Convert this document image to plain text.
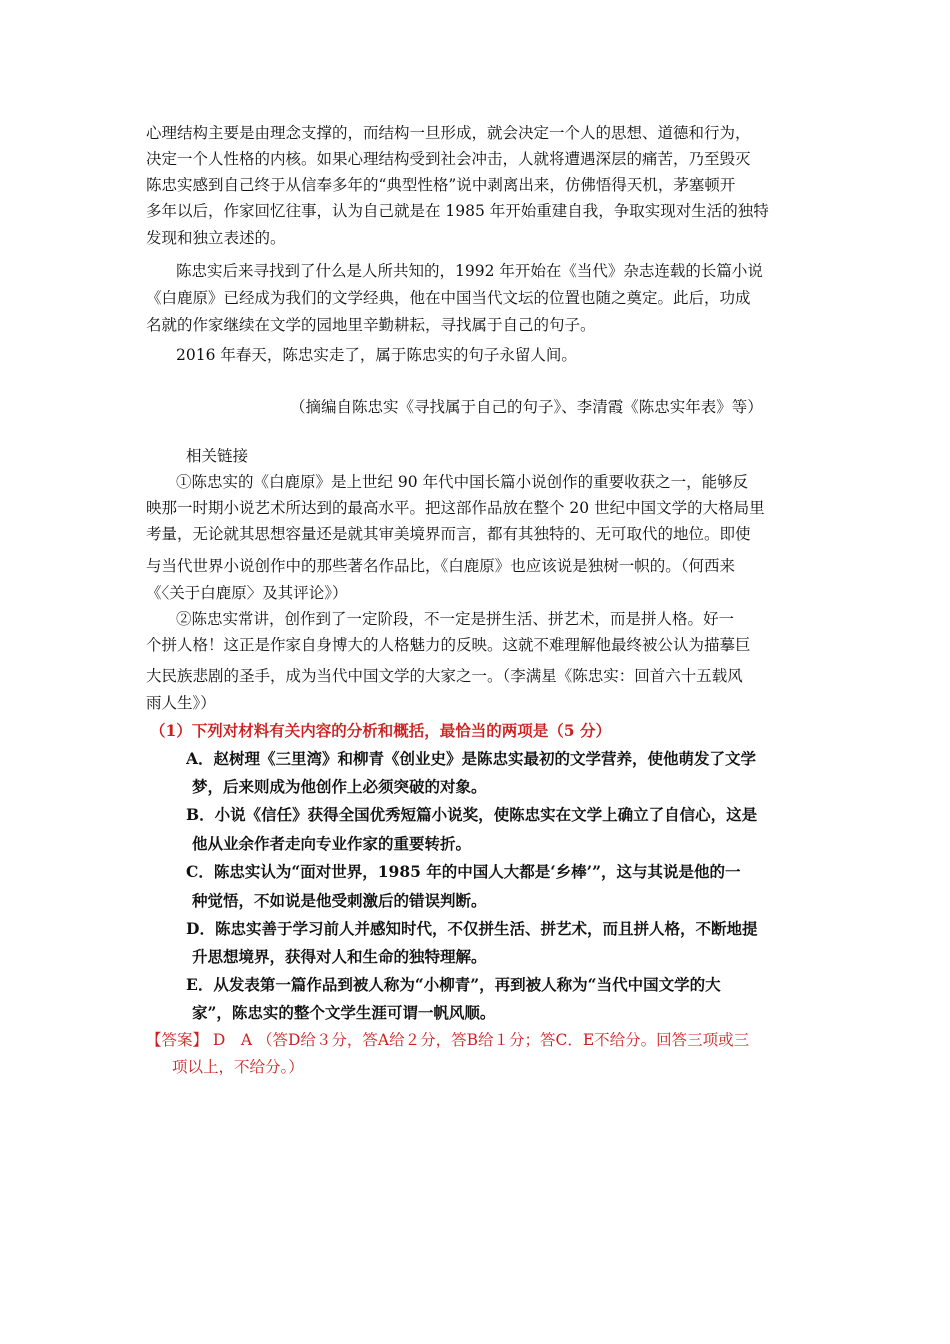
心理结构主要是由理念支撑的，而结构一旦形成，就会决定一个人的思想、道德和行为，
决定一个人性格的内核。如果心理结构受到社会冲击，人就将遭遇深层的痛苦，乃至毁灭
陈忠实感到自己终于从信奉多年的“典型性格”说中剥离出来，仿佛悟得天机，茅塞顿开
多年以后，作家回忆往事，认为自己就是在 1985 年开始重建自我，争取实现对生活的独特
发现和独立表述的。
陈忠实后来寻找到了什么是人所共知的，1992 年开始在《当代》杂志连载的长篇小说
《白鹿原》已经成为我们的文学经典，他在中国当代文坛的位置也随之奠定。此后，功成
名就的作家继续在文学的园地里辛勤耕耘，寻找属于自己的句子。
2016 年春天，陈忠实走了，属于陈忠实的句子永留人间。
（摘编自陈忠实《寻找属于自己的句子》、李清霞《陈忠实年表》等）
相关链接
①陈忠实的《白鹿原》是上世纪 90 年代中国长篇小说创作的重要收获之一，能够反
映那一时期小说艺术所达到的最高水平。把这部作品放在整个 20 世纪中国文学的大格局里
考量，无论就其思想容量还是就其审美境界而言，都有其独特的、无可取代的地位。即使
与当代世界小说创作中的那些著名作品比，《白鹿原》也应该说是独树一帜的。（何西来
《〈关于白鹿原〉及其评论》）
②陈忠实常讲，创作到了一定阶段，不一定是拼生活、拼艺术，而是拼人格。好一
个拼人格！这正是作家自身博大的人格魅力的反映。这就不难理解他最终被公认为描摹巨
大民族悲剧的圣手，成为当代中国文学的大家之一。（李满星《陈忠实：回首六十五载风
雨人生》）
（1）下列对材料有关内容的分析和概括，最恰当的两项是（5 分）
A．赵树理《三里湾》和柳青《创业史》是陈忠实最初的文学营养，使他萌发了文学
梦，后来则成为他创作上必须突破的对象。
B．小说《信任》获得全国优秀短篇小说奖，使陈忠实在文学上确立了自信心，这是
他从业余作者走向专业作家的重要转折。
C．陈忠实认为“面对世界，1985 年的中国人大都是‘乡棒’”，这与其说是他的一
种觉悟，不如说是他受刺激后的错误判断。
D．陈忠实善于学习前人并感知时代，不仅拼生活、拼艺术，而且拼人格，不断地提
升思想境界，获得对人和生命的独特理解。
E．从发表第一篇作品到被人称为“小柳青”，再到被人称为“当代中国文学的大
家”，陈忠实的整个文学生涯可谓一帆风顺。
【答案】 D　A （答D给３分，答A给２分，答B给１分；答C．E不给分。回答三项或三
项以上，不给分。）
